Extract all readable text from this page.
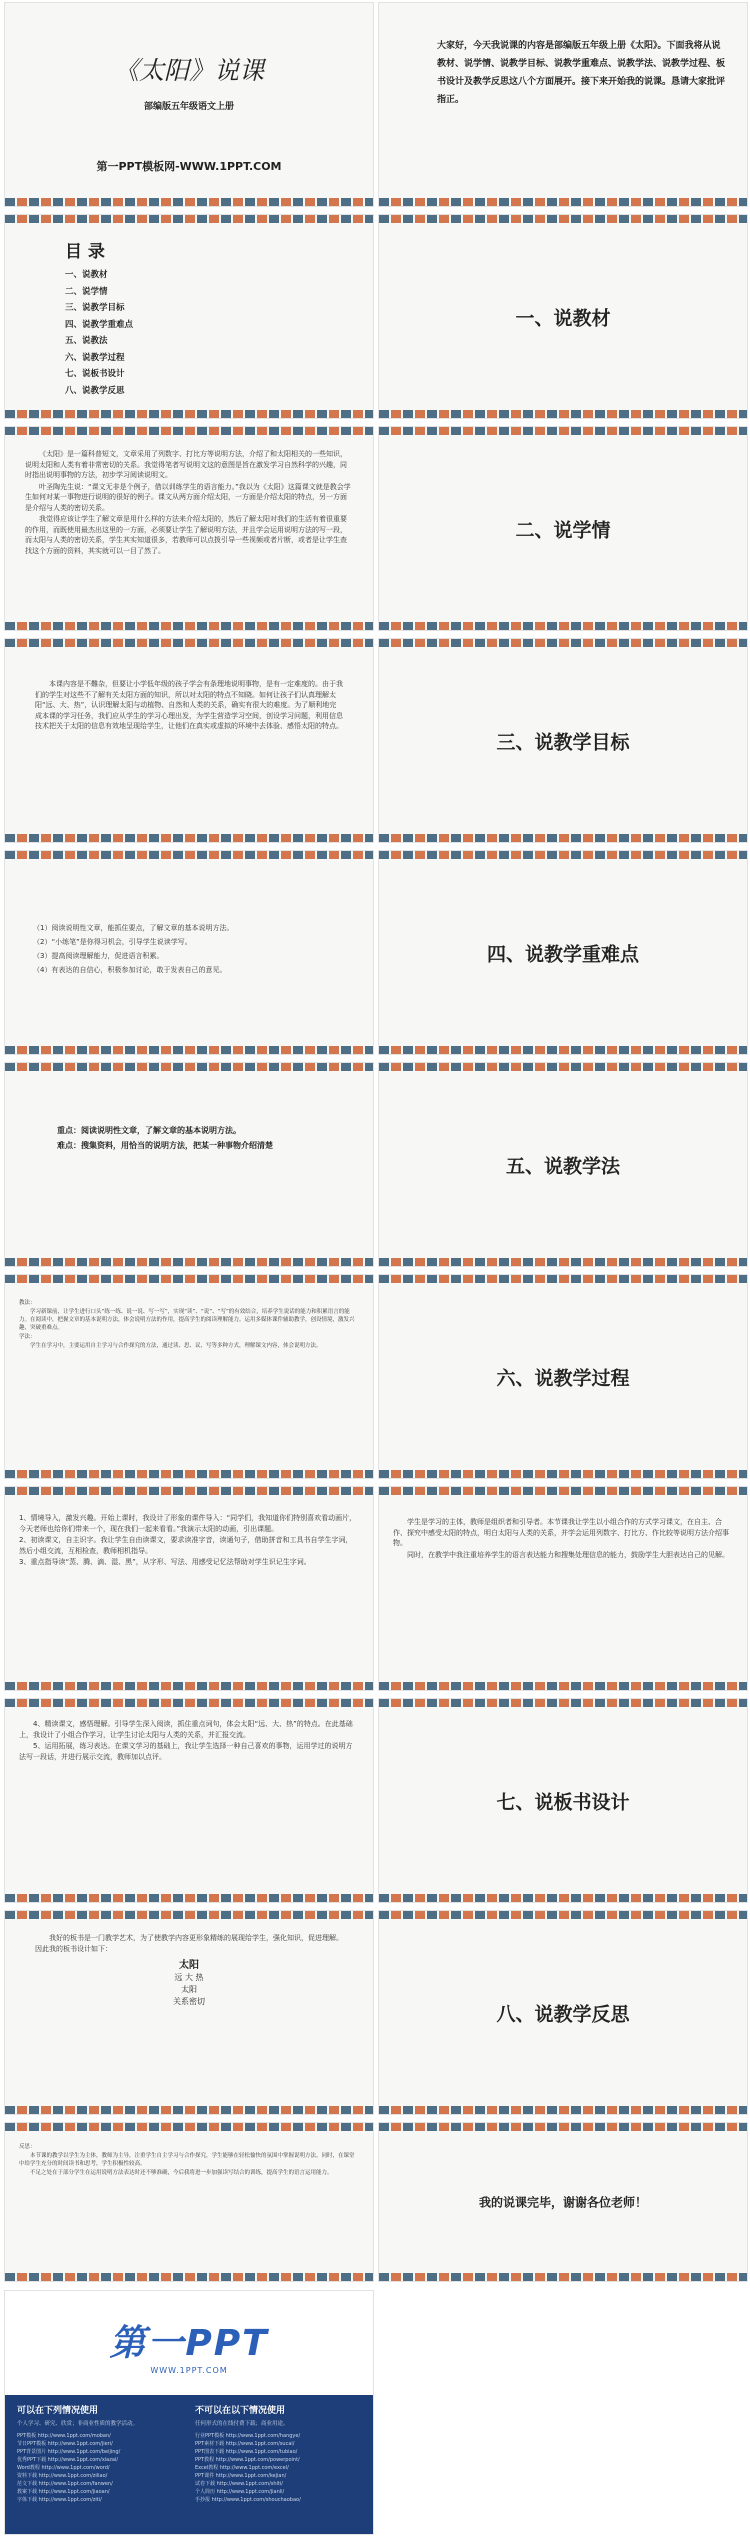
《太阳》说课
部编版五年级语文上册
第一PPT模板网-WWW.1PPT.COM
大家好，今天我说课的内容是部编版五年级上册《太阳》。下面我将从说教材、说学情、说教学目标、说教学重难点、说教学法、说教学过程、板书设计及教学反思这八个方面展开。接下来开始我的说课。恳请大家批评指正。
目 录
一、说教材
二、说学情
三、说教学目标
四、说教学重难点
五、说教法
六、说教学过程
七、说板书设计
八、说教学反思
一、说教材

《太阳》是一篇科普短文，文章采用了列数字、打比方等说明方法，介绍了和太阳相关的一些知识，说明太阳和人类有着非常密切的关系。我觉得笔者写说明文这的意图是旨在激发学习自然科学的兴趣，同时指出说明事物的方法，初步学习阅读说明文。

叶圣陶先生说：“课文无非是个例子，借以训练学生的语言能力。”我以为《太阳》这篇课文就是教会学生如何对某一事物进行说明的很好的例子。课文从两方面介绍太阳，一方面是介绍太阳的特点，另一方面是介绍与人类的密切关系。

我觉得应该让学生了解文章是用什么样的方法来介绍太阳的，然后了解太阳对我们的生活有着很重要的作用，而既使用最杰出这里的一方面，必须要让学生了解说明方法，并且学会运用说明方法的写一段，而太阳与人类的密切关系，学生其实知道很多，若教师可以点拨引导一些视频或者片断，或者是让学生查找这个方面的资料，其实就可以一目了然了。

二、说学情

本课内容是不難杂，但要让小学低年级的孩子学会有条理地说明事物，是有一定难度的。由于我们的学生对这些不了解有关太阳方面的知识，所以对太阳的特点不知晓。如何让孩子们认真理解太阳“远、大、热”，认识理解太阳与动植物、自然和人类的关系，确实有很大的难度。为了顺利地完成本课的学习任务，我们应从学生的学习心理出发，为学生营造学习空间，创设学习问题，利用信息技术把关于太阳的信息有效地呈现给学生，让他们在真实或虚拟的环境中去体验、感悟太阳的特点。

三、说教学目标
（1）阅读说明性文章，能抓住要点，了解文章的基本说明方法。
（2）“小练笔”是你得习机会，引导学生说读学写。
（3）提高阅读理解能力，促进语言积累。
（4）有表达的自信心，积极参加讨论，敢于发表自己的意见。
四、说教学重难点
重点：阅读说明性文章，了解文章的基本说明方法。
难点：搜集资料，用恰当的说明方法，把某一种事物介绍清楚
五、说教学法

教法：

学习新课前，让学生进行口头“练一练、说一说、写一写”，实现“读”、“说”、“写”的有效结合，培养学生说话的能力和积累语言的能力。在阅读中，把握文章的基本说明方法，体会说明方法的作用，提高学生的阅读理解能力。运用多媒体课件辅助教学，创设情境，激发兴趣，突破重难点。

学法：

学生在学习中，主要运用自主学习与合作探究的方法，通过读、思、议、写等多种方式，理解课文内容，体会说明方法。

六、说教学过程

1、情境导入，激发兴趣。开始上课时，我设计了形象的课件导入：“同学们，我知道你们特别喜欢看动画片，今天老师也给你们带来一个，现在我们一起来看看。”我演示太阳的动画，引出课题。

2、初读课文，自主识字。我让学生自由读课文，要求读准字音，读通句子，借助拼音和工具书自学生字词，然后小组交流，互相检查，教师相机指导。

3、重点指导读“蒸、腾、滴、湿、黑”，从字形、写法、用感受记忆法帮助对学生识记生字词。

学生是学习的主体，教师是组织者和引导者。本节课我让学生以小组合作的方式学习课文，在自主、合作、探究中感受太阳的特点，明白太阳与人类的关系，并学会运用列数字、打比方、作比较等说明方法介绍事物。

同时，在教学中我注重培养学生的语言表达能力和搜集处理信息的能力，鼓励学生大胆表达自己的见解。

4、精读课文，感悟理解。引导学生深入阅读，抓住重点词句，体会太阳“远、大、热”的特点。在此基础上，我设计了小组合作学习，让学生讨论太阳与人类的关系，并汇报交流。

5、运用拓展，练习表达。在课文学习的基础上，我让学生选择一种自己喜欢的事物，运用学过的说明方法写一段话，并进行展示交流，教师加以点评。

七、说板书设计

我好的板书是一门教学艺术，为了使教学内容更形象精练的展现给学生，强化知识，促进理解。因此我的板书设计如下：

太阳
远 大 热
太阳
关系密切
八、说教学反思

反思：

本节课的教学以学生为主体，教师为主导，注重学生自主学习与合作探究，学生能够在轻松愉快的氛围中掌握说明方法。同时，在课堂中给学生充分的时间读书和思考，学生积极性较高。

不足之处在于部分学生在运用说明方法表达时还不够准确，今后我将进一步加强读写结合的训练，提高学生的语言运用能力。

我的说课完毕，谢谢各位老师！
第一PPT
WWW.1PPT.COM
可以在下列情况使用

个人学习、研究、欣赏；非商业性质的教学活动。

PPT模板 http://www.1ppt.com/moban/
节日PPT模板 http://www.1ppt.com/jieri/
PPT背景图片 http://www.1ppt.com/beijing/
优秀PPT下载 http://www.1ppt.com/xiazai/
Word教程 http://www.1ppt.com/word/
资料下载 http://www.1ppt.com/ziliao/
范文下载 http://www.1ppt.com/fanwen/
教案下载 http://www.1ppt.com/jiaoan/
字体下载 http://www.1ppt.com/ziti/
不可以在以下情况使用

任何形式的在线付费下载；商业用途。

行业PPT模板 http://www.1ppt.com/hangye/
PPT素材下载 http://www.1ppt.com/sucai/
PPT图表下载 http://www.1ppt.com/tubiao/
PPT教程 http://www.1ppt.com/powerpoint/
Excel教程 http://www.1ppt.com/excel/
PPT课件 http://www.1ppt.com/kejian/
试卷下载 http://www.1ppt.com/shiti/
个人简历 http://www.1ppt.com/jianli/
手抄报 http://www.1ppt.com/shouchaobao/
